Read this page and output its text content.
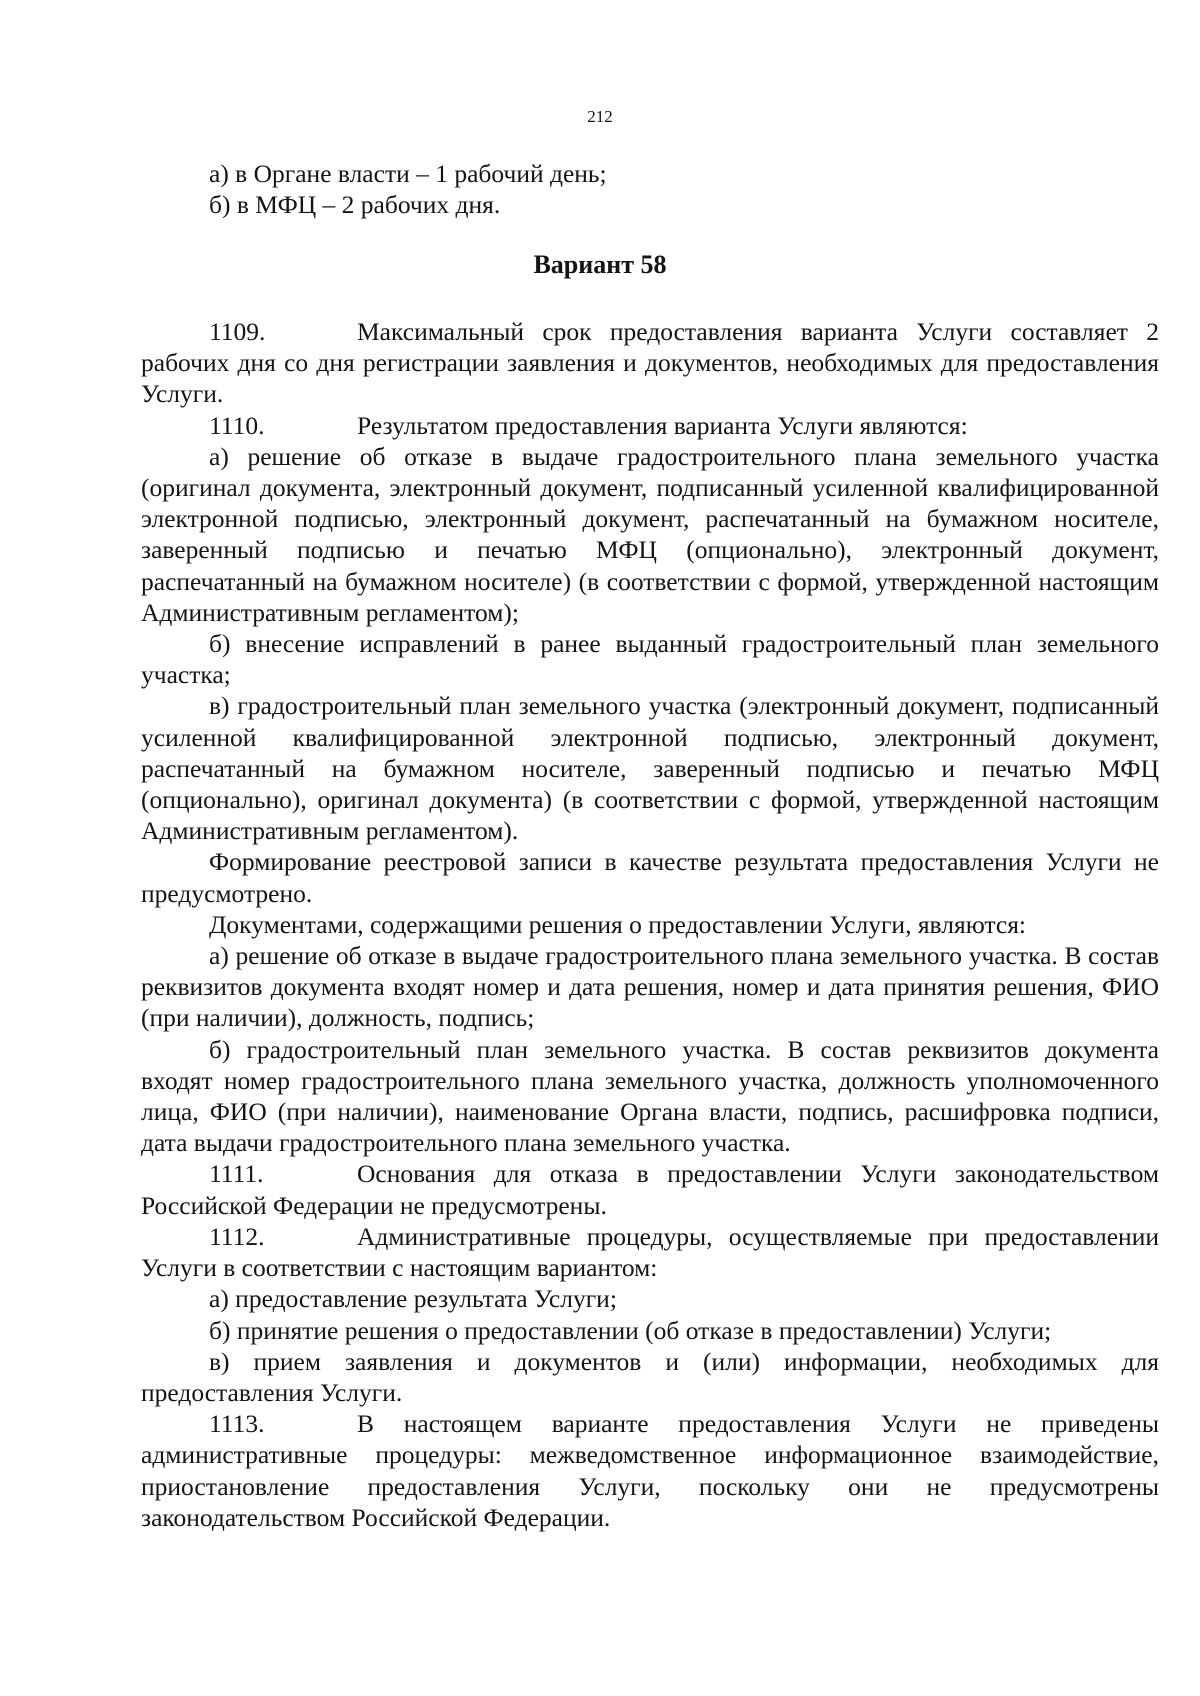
212

а) в Органе власти – 1 рабочий день;

б) в МФЦ – 2 рабочих дня.

Вариант 58

1109.	Максимальный срок предоставления варианта Услуги составляет 2 рабочих дня со дня регистрации заявления и документов, необходимых для предоставления Услуги.

1110.	Результатом предоставления варианта Услуги являются:

а) решение об отказе в выдаче градостроительного плана земельного участка (оригинал документа, электронный документ, подписанный усиленной квалифицированной электронной подписью, электронный документ, распечатанный на бумажном носителе, заверенный подписью и печатью МФЦ (опционально), электронный документ, распечатанный на бумажном носителе) (в соответствии с формой, утвержденной настоящим Административным регламентом);

б) внесение исправлений в ранее выданный градостроительный план земельного участка;

в) градостроительный план земельного участка (электронный документ, подписанный усиленной квалифицированной электронной подписью, электронный документ, распечатанный на бумажном носителе, заверенный подписью и печатью МФЦ (опционально), оригинал документа) (в соответствии с формой, утвержденной настоящим Административным регламентом).

Формирование реестровой записи в качестве результата предоставления Услуги не предусмотрено.

Документами, содержащими решения о предоставлении Услуги, являются:

а) решение об отказе в выдаче градостроительного плана земельного участка. В состав реквизитов документа входят номер и дата решения, номер и дата принятия решения, ФИО (при наличии), должность, подпись;

б) градостроительный план земельного участка. В состав реквизитов документа входят номер градостроительного плана земельного участка, должность уполномоченного лица, ФИО (при наличии), наименование Органа власти, подпись, расшифровка подписи, дата выдачи градостроительного плана земельного участка.

1111.	Основания для отказа в предоставлении Услуги законодательством Российской Федерации не предусмотрены.

1112.	Административные процедуры, осуществляемые при предоставлении Услуги в соответствии с настоящим вариантом:

а) предоставление результата Услуги;

б) принятие решения о предоставлении (об отказе в предоставлении) Услуги;

в) прием заявления и документов и (или) информации, необходимых для предоставления Услуги.

1113.	В настоящем варианте предоставления Услуги не приведены административные процедуры: межведомственное информационное взаимодействие, приостановление предоставления Услуги, поскольку они не предусмотрены законодательством Российской Федерации.
